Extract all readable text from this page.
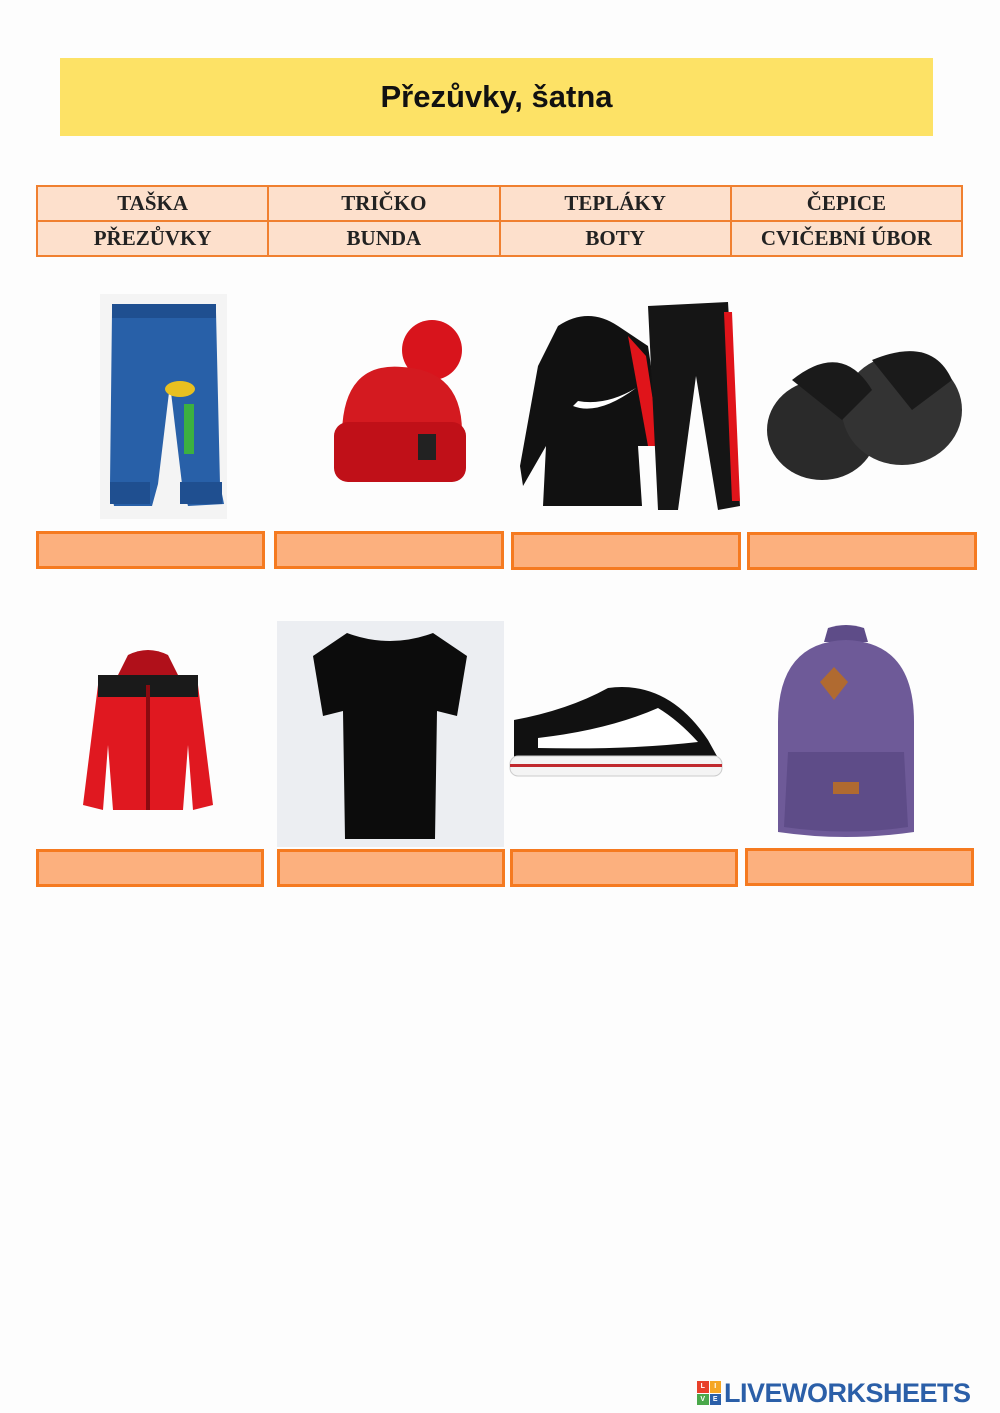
Přezůvky, šatna
TAŠKA	TRIČKO	TEPLÁKY	ČEPICE
PŘEZŮVKY	BUNDA	BOTY	CVIČEBNÍ ÚBOR
L	I
V	E LIVEWORKSHEETS
